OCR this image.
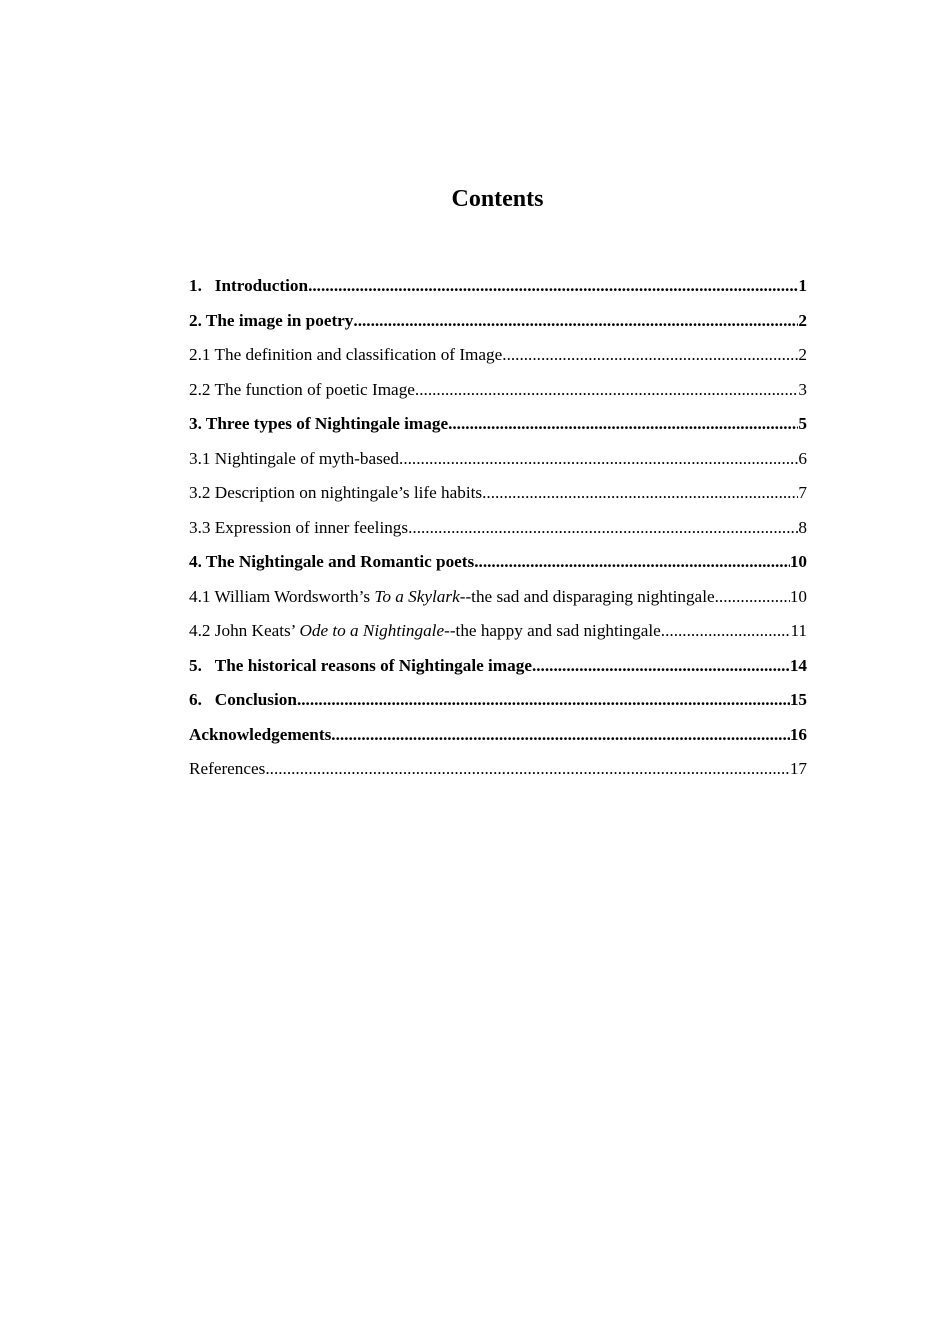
Contents
1. Introduction .....	1
2. The image in poetry .....	2
2.1 The definition and classification of Image .....	2
2.2 The function of poetic Image .....	3
3. Three types of Nightingale image .....	5
3.1 Nightingale of myth-based .....	6
3.2 Description on nightingale’s life habits .....	7
3.3 Expression of inner feelings .....	8
4. The Nightingale and Romantic poets .....	10
4.1 William Wordsworth’s To a Skylark--the sad and disparaging nightingale. .....	10
4.2 John Keats’ Ode to a Nightingale--the happy and sad nightingale .....	11
5. The historical reasons of Nightingale image .....	14
6. Conclusion .....	15
Acknowledgements .....	16
References .....	17
